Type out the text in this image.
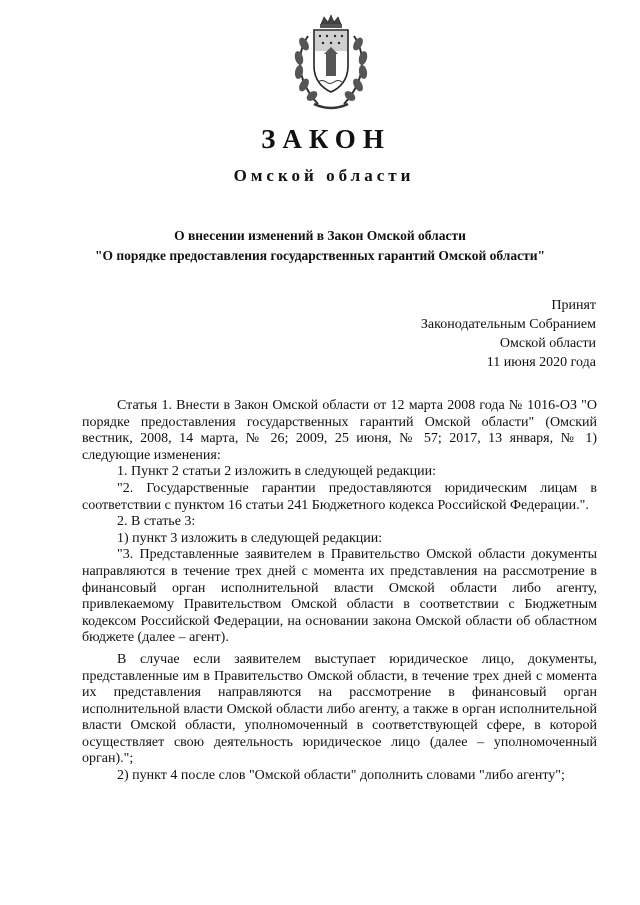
ЗАКОН
Омской области
О внесении изменений в Закон Омской области
"О порядке предоставления государственных гарантий Омской области"
Принят
Законодательным Собранием
Омской области
11 июня 2020 года

Статья 1. Внести в Закон Омской области от 12 марта 2008 года № 1016-ОЗ "О порядке предоставления государственных гарантий Омской области" (Омский вестник, 2008, 14 марта, № 26; 2009, 25 июня, № 57; 2017, 13 января, № 1) следующие изменения:

1. Пункт 2 статьи 2 изложить в следующей редакции:

"2. Государственные гарантии предоставляются юридическим лицам в соответствии с пунктом 16 статьи 241 Бюджетного кодекса Российской Федерации.".

2. В статье 3:

1) пункт 3 изложить в следующей редакции:

"3. Представленные заявителем в Правительство Омской области документы направляются в течение трех дней с момента их представления на рассмотрение в финансовый орган исполнительной власти Омской области либо агенту, привлекаемому Правительством Омской области в соответствии с Бюджетным кодексом Российской Федерации, на основании закона Омской области об областном бюджете (далее – агент).

В случае если заявителем выступает юридическое лицо, документы, представленные им в Правительство Омской области, в течение трех дней с момента их представления направляются на рассмотрение в финансовый орган исполнительной власти Омской области либо агенту, а также в орган исполнительной власти Омской области, уполномоченный в соответствующей сфере, в которой осуществляет свою деятельность юридическое лицо (далее – уполномоченный орган).";

2) пункт 4 после слов "Омской области" дополнить словами "либо агенту";
